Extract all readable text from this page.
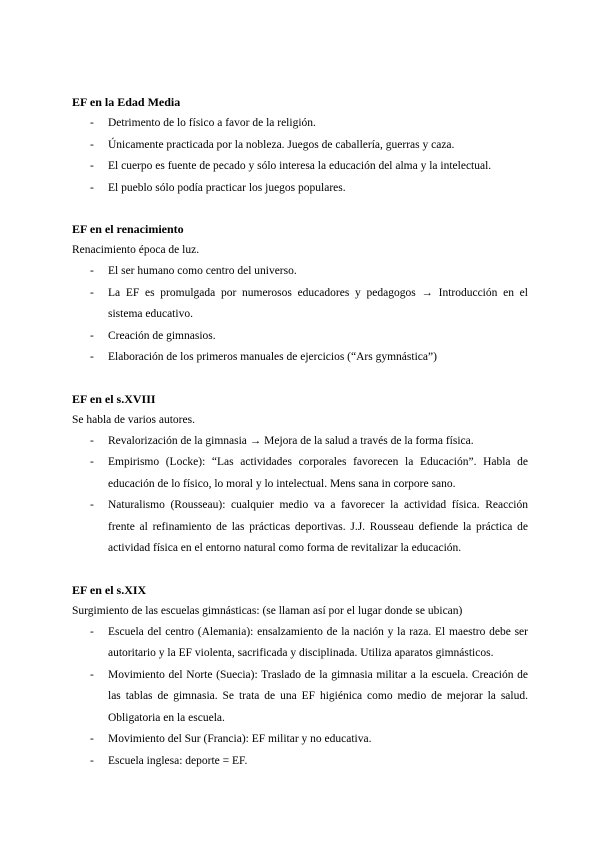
EF en la Edad Media

- Detrimento de lo físico a favor de la religión.
- Únicamente practicada por la nobleza. Juegos de caballería, guerras y caza.
- El cuerpo es fuente de pecado y sólo interesa la educación del alma y la intelectual.
- El pueblo sólo podía practicar los juegos populares.

EF en el renacimiento

Renacimiento época de luz.

- El ser humano como centro del universo.
- La EF es promulgada por numerosos educadores y pedagogos → Introducción en el sistema educativo.
- Creación de gimnasios.
- Elaboración de los primeros manuales de ejercicios (“Ars gymnástica”)

EF en el s.XVIII

Se habla de varios autores.

- Revalorización de la gimnasia → Mejora de la salud a través de la forma física.
- Empirismo (Locke): “Las actividades corporales favorecen la Educación”. Habla de educación de lo físico, lo moral y lo intelectual. Mens sana in corpore sano.
- Naturalismo (Rousseau): cualquier medio va a favorecer la actividad física. Reacción frente al refinamiento de las prácticas deportivas. J.J. Rousseau defiende la práctica de actividad física en el entorno natural como forma de revitalizar la educación.

EF en el s.XIX

Surgimiento de las escuelas gimnásticas: (se llaman así por el lugar donde se ubican)

- Escuela del centro (Alemania): ensalzamiento de la nación y la raza. El maestro debe ser autoritario y la EF violenta, sacrificada y disciplinada. Utiliza aparatos gimnásticos.
- Movimiento del Norte (Suecia): Traslado de la gimnasia militar a la escuela. Creación de las tablas de gimnasia. Se trata de una EF higiénica como medio de mejorar la salud. Obligatoria en la escuela.
- Movimiento del Sur (Francia): EF militar y no educativa.
- Escuela inglesa: deporte = EF.
